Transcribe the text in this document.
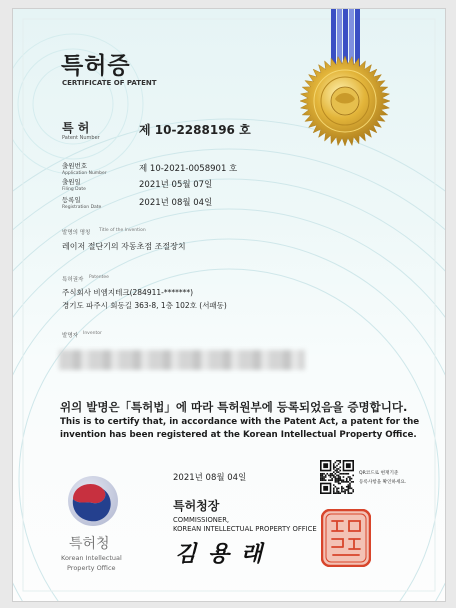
특허증
CERTIFICATE OF PATENT
특 허
Patent Number
제 10-2288196 호
출원번호
Application Number	제 10-2021-0058901 호
출원일
Filing Date	2021년 05월 07일
등록일
Registration Date	2021년 08월 04일
발명의 명칭 Title of the Invention
레이저 절단기의 자동초점 조절장치
특허권자 Patentee
주식회사 비엠지테크(284911-*******)
경기도 파주시 회동길 363-8, 1층 102호 (서패동)
발명자 Inventor
위의 발명은「특허법」에 따라 특허원부에 등록되었음을 증명합니다.
This is to certify that, in accordance with the Patent Act, a patent for the
invention has been registered at the Korean Intellectual Property Office.
2021년 08월 04일	QR코드로 현재기준
등록사항을 확인하세요.
특허청
Korean Intellectual
Property Office
특허청장
COMMISSIONER,
KOREAN INTELLECTUAL PROPERTY OFFICE
김 용 래
